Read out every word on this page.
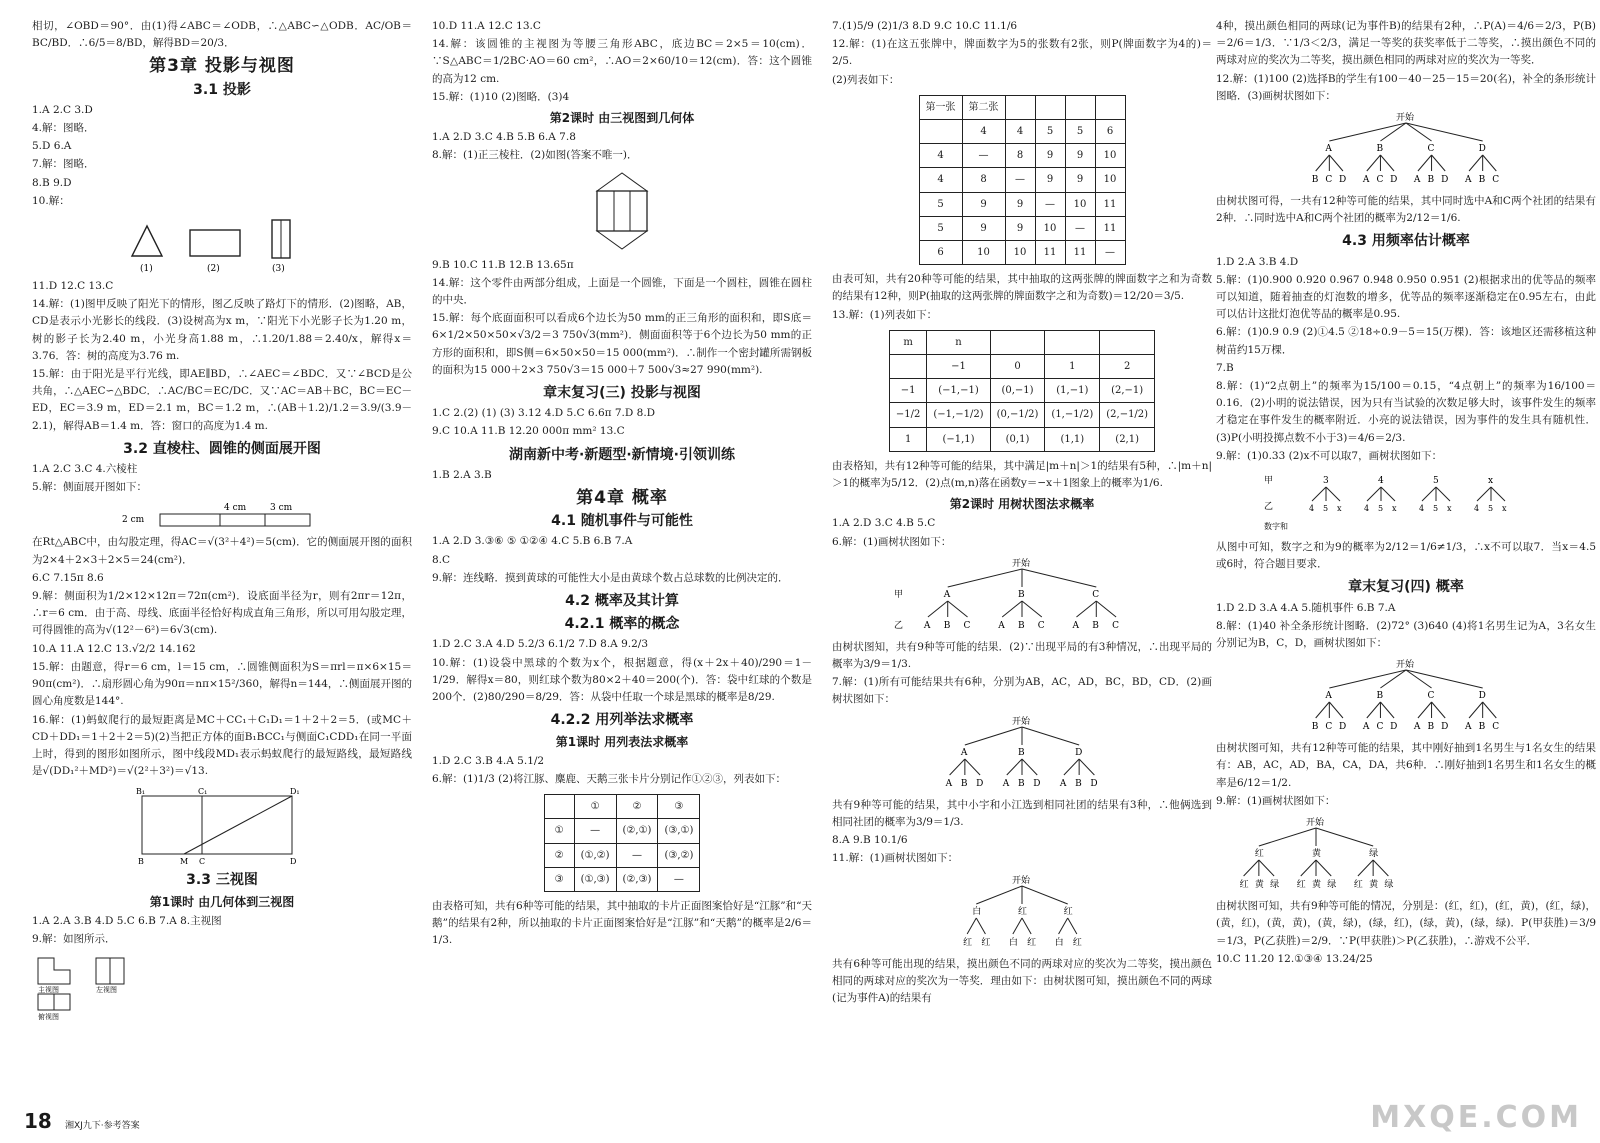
相切，∠OBD＝90°．由(1)得∠ABC＝∠ODB，∴△ABC∽△ODB．AC/OB＝BC/BD．∴6/5＝8/BD，解得BD＝20/3．

第3章 投影与视图
3.1 投影

1.A 2.C 3.D

4.解：图略．

5.D 6.A

7.解：图略．

8.B 9.D

10.解：

(1)	(2)	(3)

11.D 12.C 13.C

14.解：(1)图甲反映了阳光下的情形，图乙反映了路灯下的情形．(2)图略，AB，CD是表示小光影长的线段．(3)设树高为x m，∵阳光下小光影子长为1.20 m，树的影子长为2.40 m，小光身高1.88 m，∴1.20/1.88＝2.40/x，解得x＝3.76．答：树的高度为3.76 m.

15.解：由于阳光是平行光线，即AE∥BD，∴∠AEC＝∠BDC．又∵∠BCD是公共角，∴△AEC∽△BDC．∴AC/BC＝EC/DC．又∵AC＝AB＋BC，BC＝EC－ED，EC＝3.9 m，ED＝2.1 m，BC＝1.2 m，∴(AB＋1.2)/1.2＝3.9/(3.9－2.1)，解得AB＝1.4 m．答：窗口的高度为1.4 m.

3.2 直棱柱、圆锥的侧面展开图

1.A 2.C 3.C 4.六棱柱

5.解：侧面展开图如下：

2 cm
4 cm	3 cm

在Rt△ABC中，由勾股定理，得AC＝√(3²＋4²)＝5(cm)．它的侧面展开图的面积为2×4＋2×3＋2×5＝24(cm²)．

6.C 7.15π 8.6

9.解：侧面积为1/2×12×12π＝72π(cm²)．设底面半径为r，则有2πr＝12π，∴r＝6 cm．由于高、母线、底面半径恰好构成直角三角形，所以可用勾股定理，可得圆锥的高为√(12²－6²)＝6√3(cm).

10.A 11.A 12.C 13.√2/2 14.162

15.解：由题意，得r＝6 cm，l＝15 cm，∴圆锥侧面积为S＝πrl＝π×6×15＝90π(cm²)．∴扇形圆心角为90π＝nπ×15²/360，解得n＝144，∴侧面展开图的圆心角度数是144°.

16.解：(1)蚂蚁爬行的最短距离是MC＋CC₁＋C₁D₁＝1＋2＋2＝5．(或MC＋CD＋DD₁＝1＋2＋2＝5)(2)当把正方体的面B₁BCC₁与侧面C₁CDD₁在同一平面上时，得到的图形如图所示，图中线段MD₁表示蚂蚁爬行的最短路线，最短路线是√(DD₁²＋MD²)＝√(2²＋3²)＝√13.

B₁	C₁	D₁
B	M C	D
3.3 三视图
第1课时 由几何体到三视图

1.A 2.A 3.B 4.D 5.C 6.B 7.A 8.主视图

9.解：如图所示．

主视图	左视图
俯视图

10.D 11.A 12.C 13.C

14.解：该圆锥的主视图为等腰三角形ABC，底边BC＝2×5＝10(cm)．∵S△ABC＝1/2BC·AO＝60 cm²，∴AO＝2×60/10＝12(cm)．答：这个圆锥的高为12 cm.

15.解：(1)10 (2)图略．(3)4

第2课时 由三视图到几何体

1.A 2.D 3.C 4.B 5.B 6.A 7.8

8.解：(1)正三棱柱．(2)如图(答案不唯一)．

9.B 10.C 11.B 12.B 13.65π

14.解：这个零件由两部分组成，上面是一个圆锥，下面是一个圆柱，圆锥在圆柱的中央．

15.解：每个底面面积可以看成6个边长为50 mm的正三角形的面积和，即S底＝6×1/2×50×50×√3/2＝3 750√3(mm²)．侧面面积等于6个边长为50 mm的正方形的面积和，即S侧＝6×50×50＝15 000(mm²)．∴制作一个密封罐所需钢板的面积为15 000＋2×3 750√3＝15 000＋7 500√3≈27 990(mm²).

章末复习(三) 投影与视图

1.C 2.(2) (1) (3) 3.12 4.D 5.C 6.6π 7.D 8.D

9.C 10.A 11.B 12.20 000π mm² 13.C

湖南新中考·新题型·新情境·引领训练

1.B 2.A 3.B

第4章 概率
4.1 随机事件与可能性

1.A 2.D 3.③⑥ ⑤ ①②④ 4.C 5.B 6.B 7.A

8.C

9.解：连线略．摸到黄球的可能性大小是由黄球个数占总球数的比例决定的．

4.2 概率及其计算
4.2.1 概率的概念

1.D 2.C 3.A 4.D 5.2/3 6.1/2 7.D 8.A 9.2/3

10.解：(1)设袋中黑球的个数为x个，根据题意，得(x＋2x＋40)/290＝1－1/29．解得x＝80，则红球个数为80×2＋40＝200(个)．答：袋中红球的个数是200个．(2)80/290＝8/29．答：从袋中任取一个球是黑球的概率是8/29.

4.2.2 用列举法求概率
第1课时 用列表法求概率

1.D 2.C 3.B 4.A 5.1/2

6.解：(1)1/3 (2)将江豚、麋鹿、天鹅三张卡片分别记作①②③，列表如下：

	①	②	③
①	—	(②,①)	(③,①)
②	(①,②)	—	(③,②)
③	(①,③)	(②,③)	—

由表格可知，共有6种等可能的结果，其中抽取的卡片正面图案恰好是“江豚”和“天鹅”的结果有2种，所以抽取的卡片正面图案恰好是“江豚”和“天鹅”的概率是2/6＝1/3.

7.(1)5/9 (2)1/3 8.D 9.C 10.C 11.1/6

12.解：(1)在这五张牌中，牌面数字为5的张数有2张，则P(牌面数字为4的)＝2/5.

(2)列表如下：

第一张	第二张				
	4	4	5	5	6
4	—	8	9	9	10
4	8	—	9	9	10
5	9	9	—	10	11
5	9	9	10	—	11
6	10	10	11	11	—

由表可知，共有20种等可能的结果，其中抽取的这两张牌的牌面数字之和为奇数的结果有12种，则P(抽取的这两张牌的牌面数字之和为奇数)＝12/20＝3/5.

13.解：(1)列表如下：

m	n			
	−1	0	1	2
−1	(−1,−1)	(0,−1)	(1,−1)	(2,−1)
−1/2	(−1,−1/2)	(0,−1/2)	(1,−1/2)	(2,−1/2)
1	(−1,1)	(0,1)	(1,1)	(2,1)

由表格知，共有12种等可能的结果，其中满足|m＋n|＞1的结果有5种，∴|m＋n|＞1的概率为5/12．(2)点(m,n)落在函数y＝−x＋1图象上的概率为1/6.

第2课时 用树状图法求概率

1.A 2.D 3.C 4.B 5.C

6.解：(1)画树状图如下：

开始
A
A B C
B
A B C
C
A B C
甲
乙

由树状图知，共有9种等可能的结果．(2)∵出现平局的有3种情况，∴出现平局的概率为3/9＝1/3.

7.解：(1)所有可能结果共有6种，分别为AB，AC，AD，BC，BD，CD．(2)画树状图如下：

开始
A
A B D
B
A B D
D
A B D

共有9种等可能的结果，其中小宇和小江选到相同社团的结果有3种，∴他俩选到相同社团的概率为3/9＝1/3.

8.A 9.B 10.1/6

11.解：(1)画树状图如下：

开始
白
红 红
红
白 红
红
白 红

共有6种等可能出现的结果，摸出颜色不同的两球对应的奖次为二等奖，摸出颜色相同的两球对应的奖次为一等奖．理由如下：由树状图可知，摸出颜色不同的两球(记为事件A)的结果有

4种，摸出颜色相同的两球(记为事件B)的结果有2种，∴P(A)＝4/6＝2/3，P(B)＝2/6＝1/3．∵1/3＜2/3，满足一等奖的获奖率低于二等奖，∴摸出颜色不同的两球对应的奖次为二等奖，摸出颜色相同的两球对应的奖次为一等奖．

12.解：(1)100 (2)选择B的学生有100－40－25－15＝20(名)，补全的条形统计图略．(3)画树状图如下：

开始
A
B C D
B
A C D
C
A B D
D
A B C

由树状图可得，一共有12种等可能的结果，其中同时选中A和C两个社团的结果有2种．∴同时选中A和C两个社团的概率为2/12＝1/6.

4.3 用频率估计概率

1.D 2.A 3.B 4.D

5.解：(1)0.900 0.920 0.967 0.948 0.950 0.951 (2)根据求出的优等品的频率可以知道，随着抽查的灯泡数的增多，优等品的频率逐渐稳定在0.95左右，由此可以估计这批灯泡优等品的概率是0.95.

6.解：(1)0.9 0.9 (2)①4.5 ②18÷0.9－5＝15(万棵)．答：该地区还需移植这种树苗约15万棵．

7.B

8.解：(1)“2点朝上”的频率为15/100＝0.15，“4点朝上”的频率为16/100＝0.16．(2)小明的说法错误，因为只有当试验的次数足够大时，该事件发生的频率才稳定在事件发生的概率附近．小亮的说法错误，因为事件的发生具有随机性．(3)P(小明投掷点数不小于3)＝4/6＝2/3.

9.解：(1)0.33 (2)x不可以取7，画树状图如下：

甲
乙
数字和
3
4 5 x
4
4 5 x
5
4 5 x
x
4 5 x

从图中可知，数字之和为9的概率为2/12＝1/6≠1/3，∴x不可以取7．当x＝4.5或6时，符合题目要求．

章末复习(四) 概率

1.D 2.D 3.A 4.A 5.随机事件 6.B 7.A

8.解：(1)40 补全条形统计图略．(2)72° (3)640 (4)将1名男生记为A，3名女生分别记为B，C，D，画树状图如下：

开始
A
B C D
B
A C D
C
A B D
D
A B C

由树状图可知，共有12种等可能的结果，其中刚好抽到1名男生与1名女生的结果有：AB，AC，AD，BA，CA，DA，共6种．∴刚好抽到1名男生和1名女生的概率是6/12＝1/2.

9.解：(1)画树状图如下：

开始
红
红 黄 绿
黄
红 黄 绿
绿
红 黄 绿

由树状图可知，共有9种等可能的情况，分别是：(红，红)，(红，黄)，(红，绿)，(黄，红)，(黄，黄)，(黄，绿)，(绿，红)，(绿，黄)，(绿，绿)．P(甲获胜)＝3/9＝1/3，P(乙获胜)＝2/9．∵P(甲获胜)＞P(乙获胜)，∴游戏不公平．

10.C 11.20 12.①③④ 13.24/25

18 湘XJ九下·参考答案	MXQE.COM
